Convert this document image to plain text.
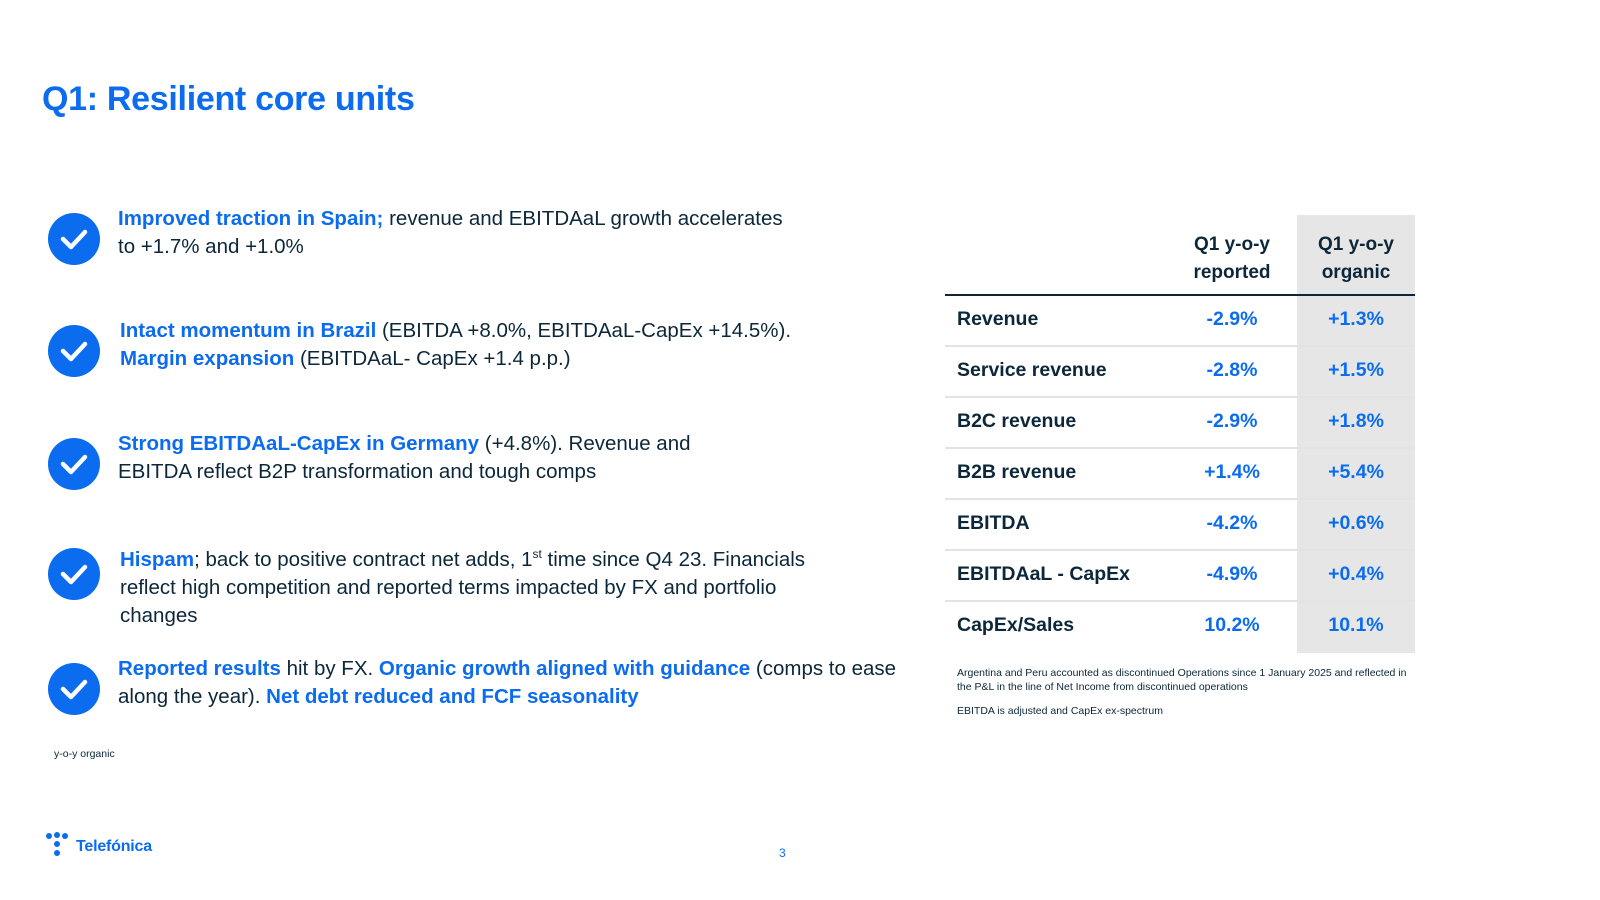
Q1: Resilient core units
Improved traction in Spain; revenue and EBITDAaL growth accelerates to +1.7% and +1.0%
Intact momentum in Brazil (EBITDA +8.0%, EBITDAaL-CapEx +14.5%).
Margin expansion (EBITDAaL- CapEx +1.4 p.p.)
Strong EBITDAaL-CapEx in Germany (+4.8%). Revenue and EBITDA reflect B2P transformation and tough comps
Hispam; back to positive contract net adds, 1st time since Q4 23. Financials reflect high competition and reported terms impacted by FX and portfolio changes
Reported results hit by FX. Organic growth aligned with guidance (comps to ease along the year). Net debt reduced and FCF seasonality
y-o-y organic
Q1 y-o-y reported
Q1 y-o-y organic
Revenue	-2.9%	+1.3%
Service revenue	-2.8%	+1.5%
B2C revenue	-2.9%	+1.8%
B2B revenue	+1.4%	+5.4%
EBITDA	-4.2%	+0.6%
EBITDAaL - CapEx	-4.9%	+0.4%
CapEx/Sales	10.2%	10.1%

Argentina and Peru accounted as discontinued Operations since 1 January 2025 and reflected in the P&L in the line of Net Income from discontinued operations

EBITDA is adjusted and CapEx ex-spectrum

Telefónica	3
